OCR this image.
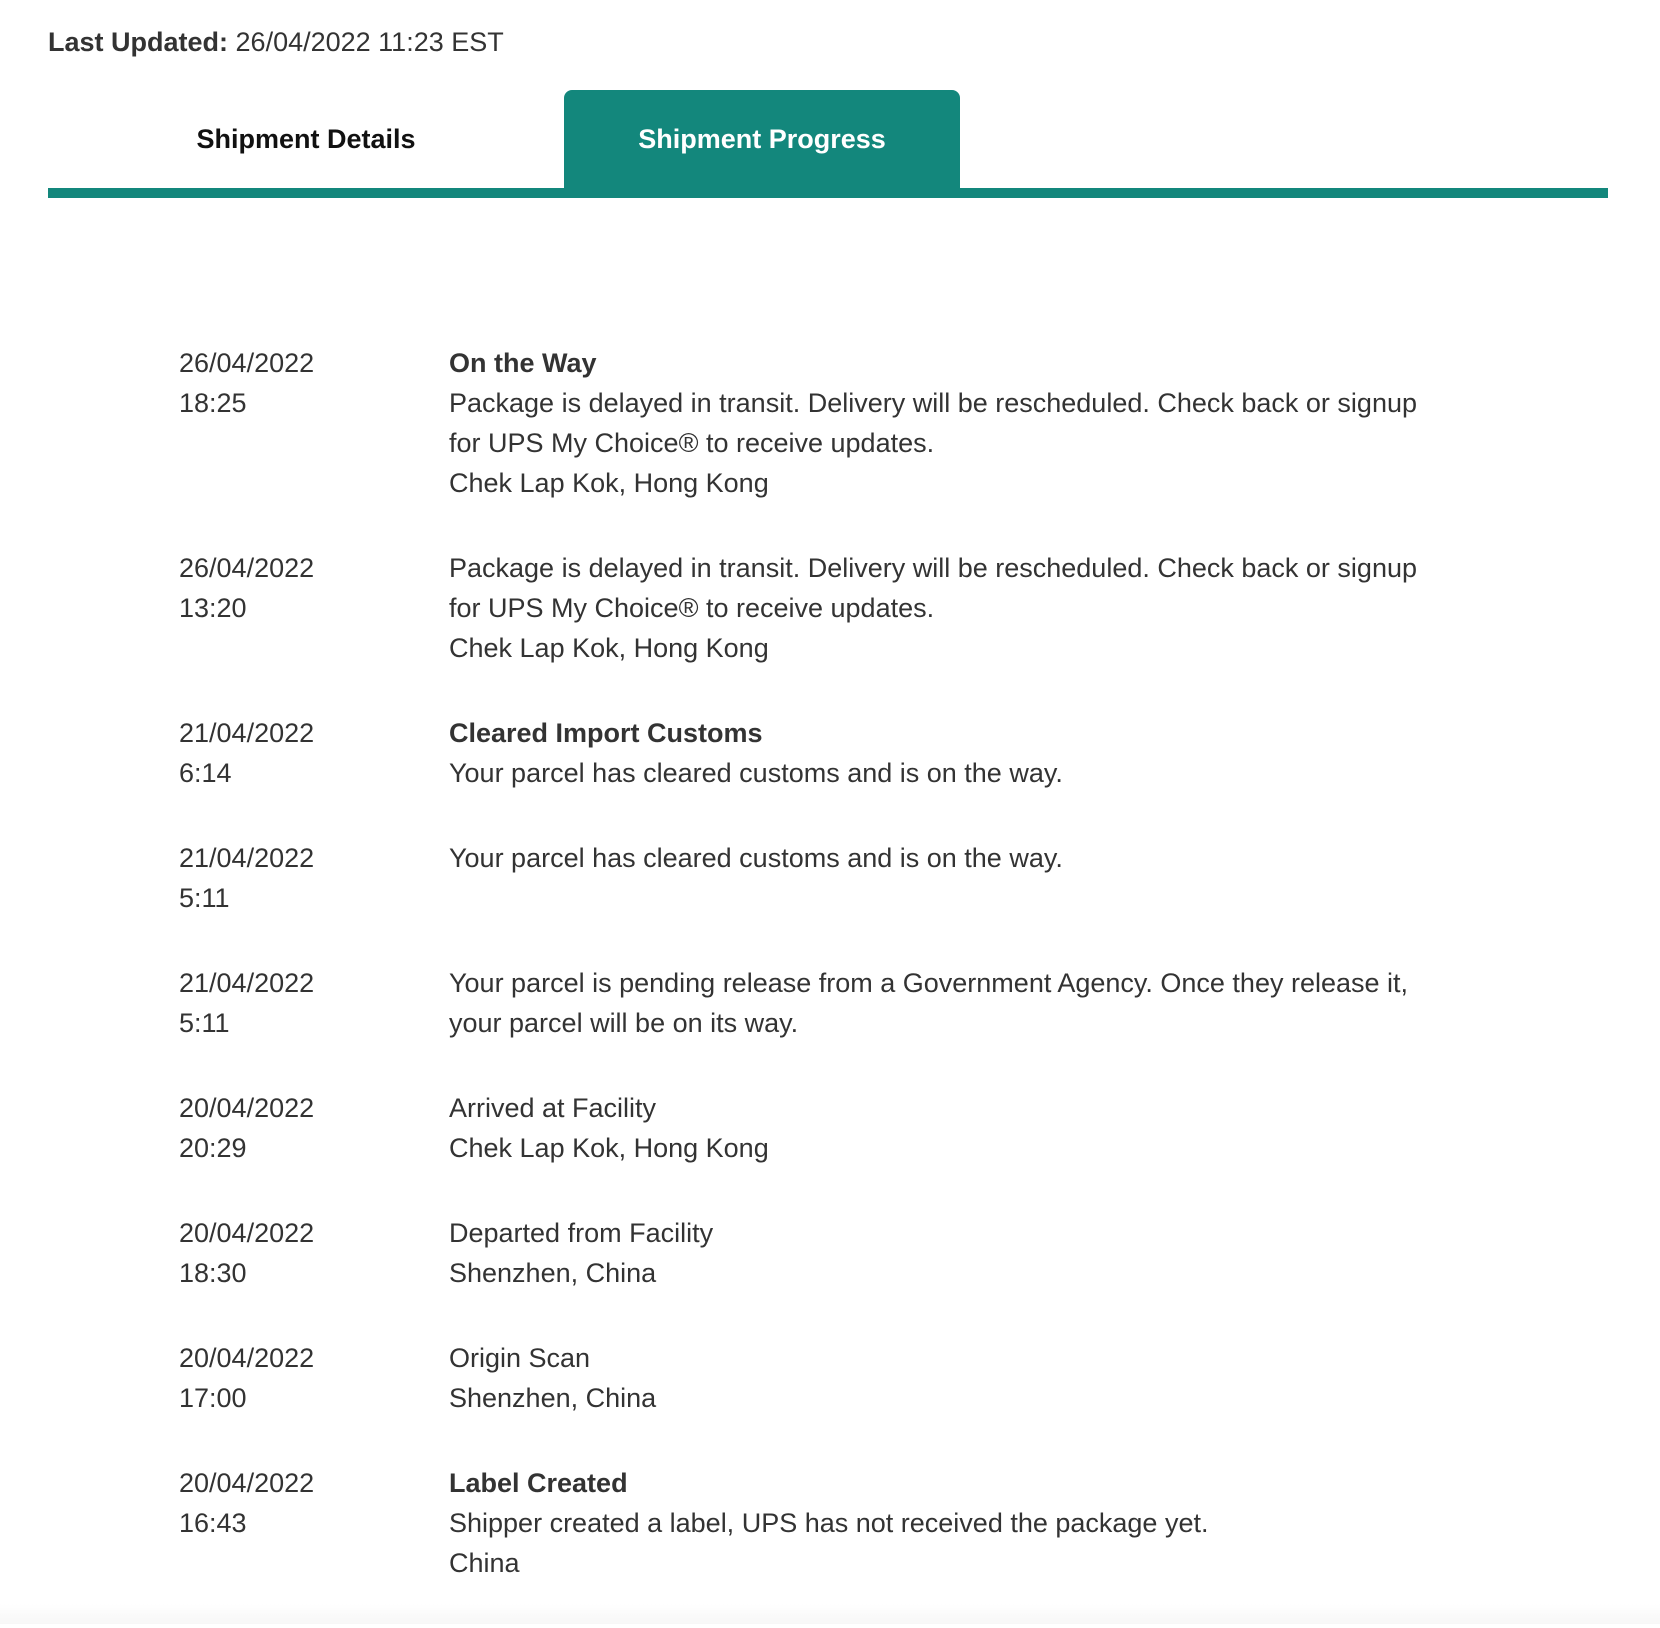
Last Updated: 26/04/2022 11:23 EST
Shipment Details	Shipment Progress
26/04/2022
18:25
On the Way
Package is delayed in transit. Delivery will be rescheduled. Check back or signup for UPS My Choice® to receive updates.
Chek Lap Kok, Hong Kong
26/04/2022
13:20
Package is delayed in transit. Delivery will be rescheduled. Check back or signup for UPS My Choice® to receive updates.
Chek Lap Kok, Hong Kong
21/04/2022
6:14
Cleared Import Customs
Your parcel has cleared customs and is on the way.
21/04/2022
5:11
Your parcel has cleared customs and is on the way.
21/04/2022
5:11
Your parcel is pending release from a Government Agency. Once they release it, your parcel will be on its way.
20/04/2022
20:29
Arrived at Facility
Chek Lap Kok, Hong Kong
20/04/2022
18:30
Departed from Facility
Shenzhen, China
20/04/2022
17:00
Origin Scan
Shenzhen, China
20/04/2022
16:43
Label Created
Shipper created a label, UPS has not received the package yet.
China
